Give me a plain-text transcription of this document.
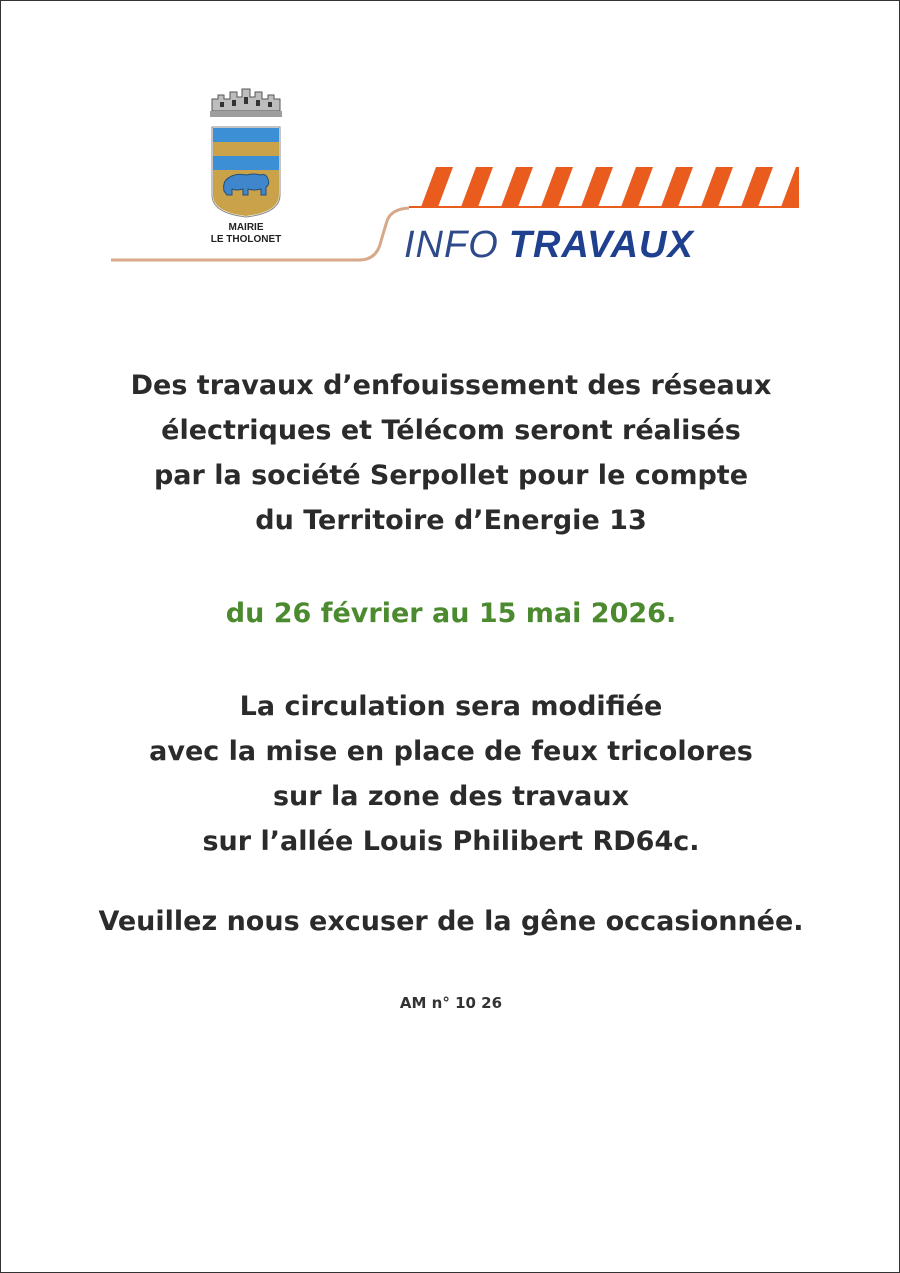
MAIRIE
LE THOLONET	INFO TRAVAUX
Des travaux d’enfouissement des réseaux
électriques et Télécom seront réalisés
par la société Serpollet pour le compte
du Territoire d’Energie 13
du 26 février au 15 mai 2026.
La circulation sera modifiée
avec la mise en place de feux tricolores
sur la zone des travaux
sur l’allée Louis Philibert RD64c.
Veuillez nous excuser de la gêne occasionnée.
AM n° 10 26
